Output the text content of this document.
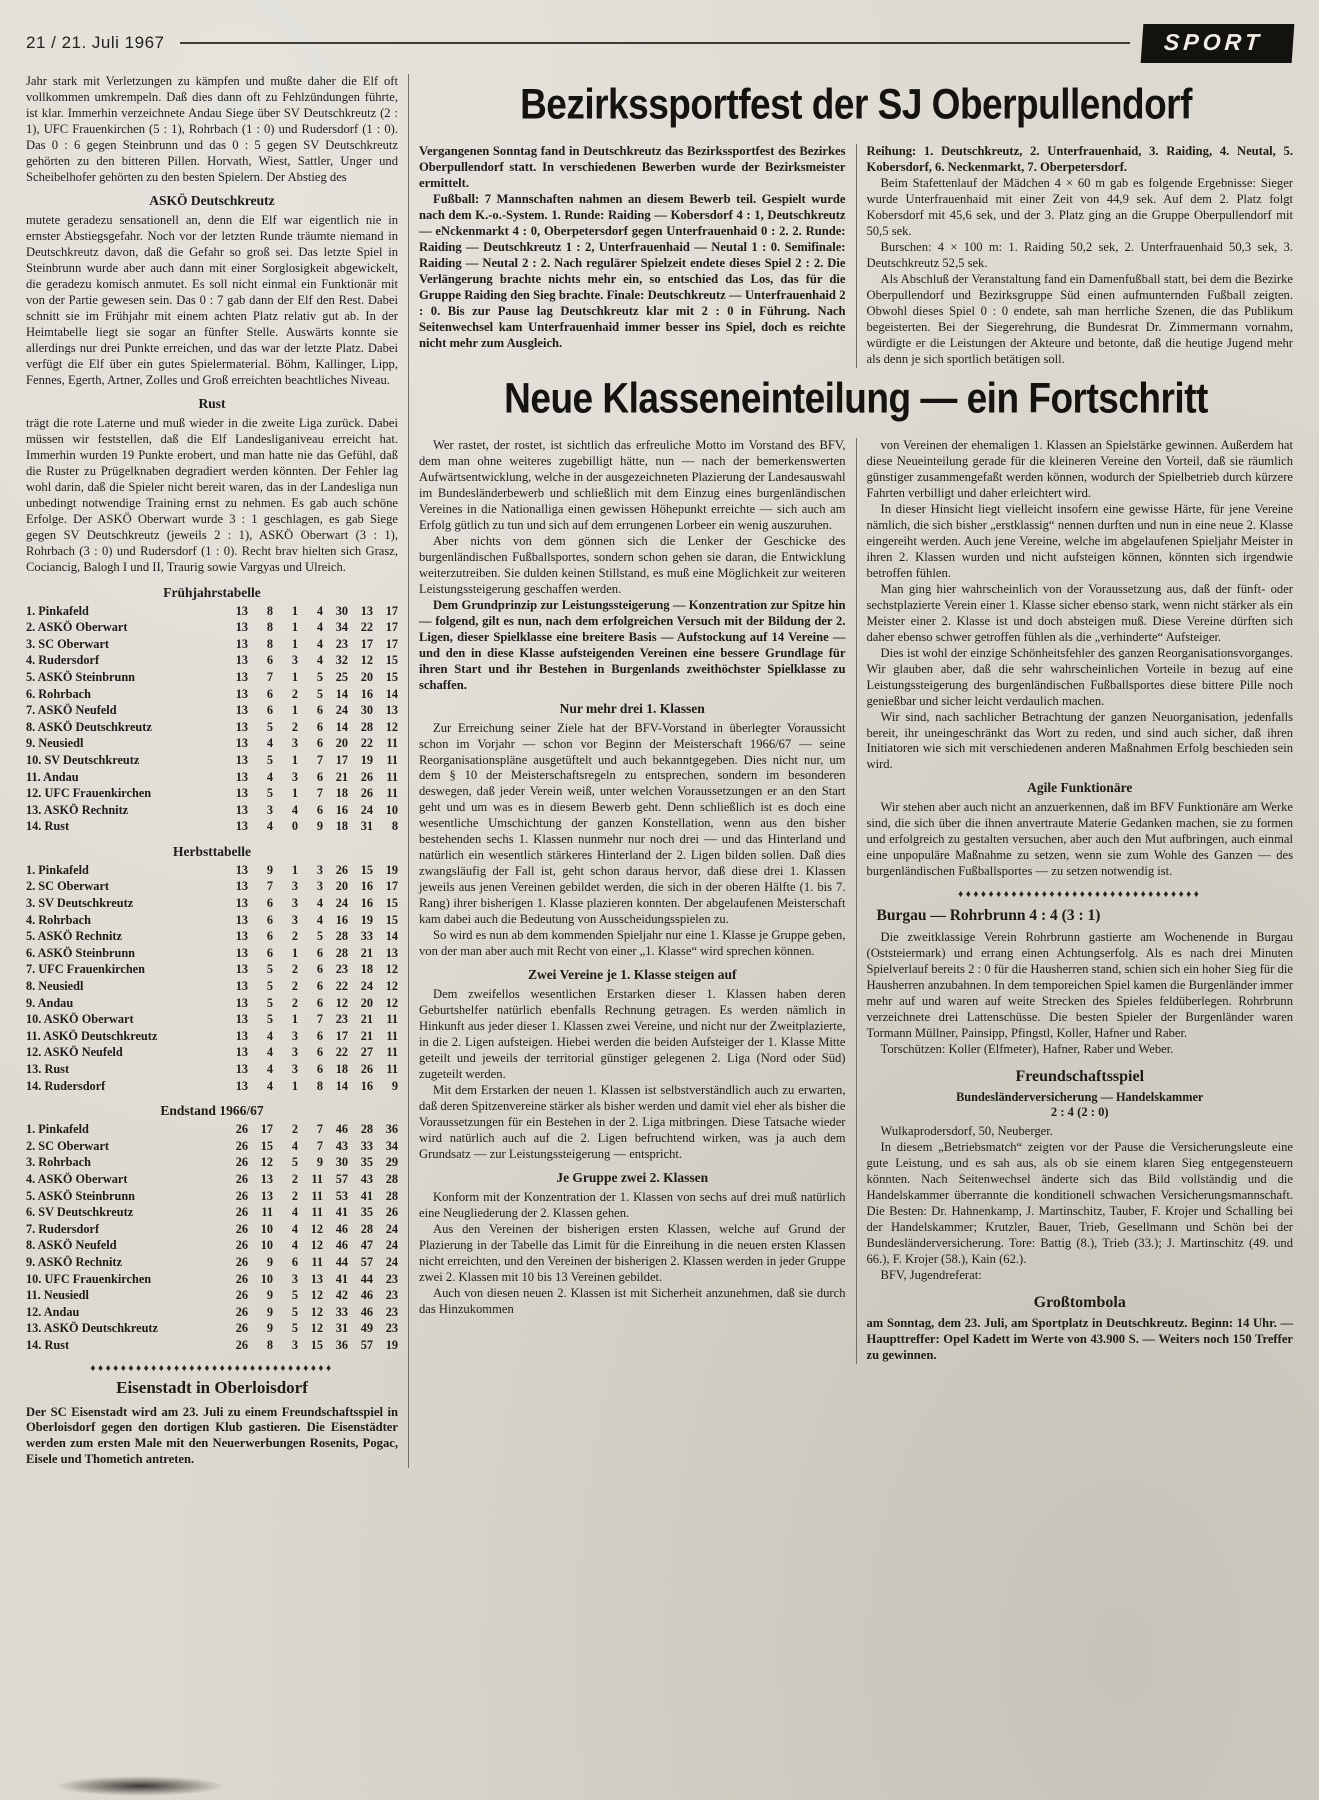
21 / 21. Juli 1967	SPORT

Jahr stark mit Verletzungen zu kämpfen und mußte daher die Elf oft vollkommen umkrempeln. Daß dies dann oft zu Fehlzündungen führte, ist klar. Immerhin verzeichnete Andau Siege über SV Deutschkreutz (2 : 1), UFC Frauenkirchen (5 : 1), Rohrbach (1 : 0) und Rudersdorf (1 : 0). Das 0 : 6 gegen Steinbrunn und das 0 : 5 gegen SV Deutschkreutz gehörten zu den bitteren Pillen. Horvath, Wiest, Sattler, Unger und Scheibelhofer gehörten zu den besten Spielern. Der Abstieg des

ASKÖ Deutschkreutz

mutete geradezu sensationell an, denn die Elf war eigentlich nie in ernster Abstiegsgefahr. Noch vor der letzten Runde träumte niemand in Deutschkreutz davon, daß die Gefahr so groß sei. Das letzte Spiel in Steinbrunn wurde aber auch dann mit einer Sorglosigkeit abgewickelt, die geradezu komisch anmutet. Es soll nicht einmal ein Funktionär mit von der Partie gewesen sein. Das 0 : 7 gab dann der Elf den Rest. Dabei schnitt sie im Frühjahr mit einem achten Platz relativ gut ab. In der Heimtabelle liegt sie sogar an fünfter Stelle. Auswärts konnte sie allerdings nur drei Punkte erreichen, und das war der letzte Platz. Dabei verfügt die Elf über ein gutes Spielermaterial. Böhm, Kallinger, Lipp, Fennes, Egerth, Artner, Zolles und Groß erreichten beachtliches Niveau.

Rust

trägt die rote Laterne und muß wieder in die zweite Liga zurück. Dabei müssen wir feststellen, daß die Elf Landesliganiveau erreicht hat. Immerhin wurden 19 Punkte erobert, und man hatte nie das Gefühl, daß die Ruster zu Prügelknaben degradiert werden könnten. Der Fehler lag wohl darin, daß die Spieler nicht bereit waren, das in der Landesliga nun unbedingt notwendige Training ernst zu nehmen. Es gab auch schöne Erfolge. Der ASKÖ Oberwart wurde 3 : 1 geschlagen, es gab Siege gegen SV Deutschkreutz (jeweils 2 : 1), ASKÖ Oberwart (3 : 1), Rohrbach (3 : 0) und Rudersdorf (1 : 0). Recht brav hielten sich Grasz, Cociancig, Balogh I und II, Traurig sowie Vargyas und Ulreich.

Frühjahrstabelle
1. Pinkafeld	13	8	1	4	30	13	17
2. ASKÖ Oberwart	13	8	1	4	34	22	17
3. SC Oberwart	13	8	1	4	23	17	17
4. Rudersdorf	13	6	3	4	32	12	15
5. ASKÖ Steinbrunn	13	7	1	5	25	20	15
6. Rohrbach	13	6	2	5	14	16	14
7. ASKÖ Neufeld	13	6	1	6	24	30	13
8. ASKÖ Deutschkreutz	13	5	2	6	14	28	12
9. Neusiedl	13	4	3	6	20	22	11
10. SV Deutschkreutz	13	5	1	7	17	19	11
11. Andau	13	4	3	6	21	26	11
12. UFC Frauenkirchen	13	5	1	7	18	26	11
13. ASKÖ Rechnitz	13	3	4	6	16	24	10
14. Rust	13	4	0	9	18	31	8
Herbsttabelle
1. Pinkafeld	13	9	1	3	26	15	19
2. SC Oberwart	13	7	3	3	20	16	17
3. SV Deutschkreutz	13	6	3	4	24	16	15
4. Rohrbach	13	6	3	4	16	19	15
5. ASKÖ Rechnitz	13	6	2	5	28	33	14
6. ASKÖ Steinbrunn	13	6	1	6	28	21	13
7. UFC Frauenkirchen	13	5	2	6	23	18	12
8. Neusiedl	13	5	2	6	22	24	12
9. Andau	13	5	2	6	12	20	12
10. ASKÖ Oberwart	13	5	1	7	23	21	11
11. ASKÖ Deutschkreutz	13	4	3	6	17	21	11
12. ASKÖ Neufeld	13	4	3	6	22	27	11
13. Rust	13	4	3	6	18	26	11
14. Rudersdorf	13	4	1	8	14	16	9
Endstand 1966/67
1. Pinkafeld	26	17	2	7	46	28	36
2. SC Oberwart	26	15	4	7	43	33	34
3. Rohrbach	26	12	5	9	30	35	29
4. ASKÖ Oberwart	26	13	2	11	57	43	28
5. ASKÖ Steinbrunn	26	13	2	11	53	41	28
6. SV Deutschkreutz	26	11	4	11	41	35	26
7. Rudersdorf	26	10	4	12	46	28	24
8. ASKÖ Neufeld	26	10	4	12	46	47	24
9. ASKÖ Rechnitz	26	9	6	11	44	57	24
10. UFC Frauenkirchen	26	10	3	13	41	44	23
11. Neusiedl	26	9	5	12	42	46	23
12. Andau	26	9	5	12	33	46	23
13. ASKÖ Deutschkreutz	26	9	5	12	31	49	23
14. Rust	26	8	3	15	36	57	19
♦♦♦♦♦♦♦♦♦♦♦♦♦♦♦♦♦♦♦♦♦♦♦♦♦♦♦♦♦♦♦♦
Eisenstadt in Oberloisdorf

Der SC Eisenstadt wird am 23. Juli zu einem Freundschaftsspiel in Oberloisdorf gegen den dortigen Klub gastieren. Die Eisenstädter werden zum ersten Male mit den Neuerwerbungen Rosenits, Pogac, Eisele und Thometich antreten.

Bezirkssportfest der SJ Oberpullendorf

Vergangenen Sonntag fand in Deutschkreutz das Bezirkssportfest des Bezirkes Oberpullendorf statt. In verschiedenen Bewerben wurde der Bezirksmeister ermittelt.

Fußball: 7 Mannschaften nahmen an diesem Bewerb teil. Gespielt wurde nach dem K.-o.-System. 1. Runde: Raiding — Kobersdorf 4 : 1, Deutschkreutz — eNckenmarkt 4 : 0, Oberpetersdorf gegen Unterfrauenhaid 0 : 2. 2. Runde: Raiding — Deutschkreutz 1 : 2, Unterfrauenhaid — Neutal 1 : 0. Semifinale: Raiding — Neutal 2 : 2. Nach regulärer Spielzeit endete dieses Spiel 2 : 2. Die Verlängerung brachte nichts mehr ein, so entschied das Los, das für die Gruppe Raiding den Sieg brachte. Finale: Deutschkreutz — Unterfrauenhaid 2 : 0. Bis zur Pause lag Deutschkreutz klar mit 2 : 0 in Führung. Nach Seitenwechsel kam Unterfrauenhaid immer besser ins Spiel, doch es reichte nicht mehr zum Ausgleich.

Reihung: 1. Deutschkreutz, 2. Unterfrauenhaid, 3. Raiding, 4. Neutal, 5. Kobersdorf, 6. Neckenmarkt, 7. Oberpetersdorf.

Beim Stafettenlauf der Mädchen 4 × 60 m gab es folgende Ergebnisse: Sieger wurde Unterfrauenhaid mit einer Zeit von 44,9 sek. Auf dem 2. Platz folgt Kobersdorf mit 45,6 sek, und der 3. Platz ging an die Gruppe Oberpullendorf mit 50,5 sek.

Burschen: 4 × 100 m: 1. Raiding 50,2 sek, 2. Unterfrauenhaid 50,3 sek, 3. Deutschkreutz 52,5 sek.

Als Abschluß der Veranstaltung fand ein Damenfußball statt, bei dem die Bezirke Oberpullendorf und Bezirksgruppe Süd einen aufmunternden Fußball zeigten. Obwohl dieses Spiel 0 : 0 endete, sah man herrliche Szenen, die das Publikum begeisterten. Bei der Siegerehrung, die Bundesrat Dr. Zimmermann vornahm, würdigte er die Leistungen der Akteure und betonte, daß die heutige Jugend mehr als denn je sich sportlich betätigen soll.

Neue Klasseneinteilung — ein Fortschritt

Wer rastet, der rostet, ist sichtlich das erfreuliche Motto im Vorstand des BFV, dem man ohne weiteres zugebilligt hätte, nun — nach der bemerkenswerten Aufwärtsentwicklung, welche in der ausgezeichneten Plazierung der Landesauswahl im Bundesländerbewerb und schließlich mit dem Einzug eines burgenländischen Vereines in die Nationalliga einen gewissen Höhepunkt erreichte — sich auch am Erfolg gütlich zu tun und sich auf dem errungenen Lorbeer ein wenig auszuruhen.

Aber nichts von dem gönnen sich die Lenker der Geschicke des burgenländischen Fußballsportes, sondern schon gehen sie daran, die Entwicklung weiterzutreiben. Sie dulden keinen Stillstand, es muß eine Möglichkeit zur weiteren Leistungssteigerung geschaffen werden.

Dem Grundprinzip zur Leistungssteigerung — Konzentration zur Spitze hin — folgend, gilt es nun, nach dem erfolgreichen Versuch mit der Bildung der 2. Ligen, dieser Spielklasse eine breitere Basis — Aufstockung auf 14 Vereine — und den in diese Klasse aufsteigenden Vereinen eine bessere Grundlage für ihren Start und ihr Bestehen in Burgenlands zweithöchster Spielklasse zu schaffen.

Nur mehr drei 1. Klassen

Zur Erreichung seiner Ziele hat der BFV-Vorstand in überlegter Voraussicht schon im Vorjahr — schon vor Beginn der Meisterschaft 1966/67 — seine Reorganisationspläne ausgetüftelt und auch bekanntgegeben. Dies nicht nur, um dem § 10 der Meisterschaftsregeln zu entsprechen, sondern im besonderen deswegen, daß jeder Verein weiß, unter welchen Voraussetzungen er an den Start geht und um was es in diesem Bewerb geht. Denn schließlich ist es doch eine wesentliche Umschichtung der ganzen Konstellation, wenn aus den bisher bestehenden sechs 1. Klassen nunmehr nur noch drei — und das Hinterland und natürlich ein wesentlich stärkeres Hinterland der 2. Ligen bilden sollen. Daß dies zwangsläufig der Fall ist, geht schon daraus hervor, daß diese drei 1. Klassen jeweils aus jenen Vereinen gebildet werden, die sich in der oberen Hälfte (1. bis 7. Rang) ihrer bisherigen 1. Klasse plazieren konnten. Der abgelaufenen Meisterschaft kam dabei auch die Bedeutung von Ausscheidungsspielen zu.

So wird es nun ab dem kommenden Spieljahr nur eine 1. Klasse je Gruppe geben, von der man aber auch mit Recht von einer „1. Klasse“ wird sprechen können.

Zwei Vereine je 1. Klasse steigen auf

Dem zweifellos wesentlichen Erstarken dieser 1. Klassen haben deren Geburtshelfer natürlich ebenfalls Rechnung getragen. Es werden nämlich in Hinkunft aus jeder dieser 1. Klassen zwei Vereine, und nicht nur der Zweitplazierte, in die 2. Ligen aufsteigen. Hiebei werden die beiden Aufsteiger der 1. Klasse Mitte geteilt und jeweils der territorial günstiger gelegenen 2. Liga (Nord oder Süd) zugeteilt werden.

Mit dem Erstarken der neuen 1. Klassen ist selbstverständlich auch zu erwarten, daß deren Spitzenvereine stärker als bisher werden und damit viel eher als bisher die Voraussetzungen für ein Bestehen in der 2. Liga mitbringen. Diese Tatsache wieder wird natürlich auch auf die 2. Ligen befruchtend wirken, was ja auch dem Grundsatz — zur Leistungssteigerung — entspricht.

Je Gruppe zwei 2. Klassen

Konform mit der Konzentration der 1. Klassen von sechs auf drei muß natürlich eine Neugliederung der 2. Klassen gehen.

Aus den Vereinen der bisherigen ersten Klassen, welche auf Grund der Plazierung in der Tabelle das Limit für die Einreihung in die neuen ersten Klassen nicht erreichten, und den Vereinen der bisherigen 2. Klassen werden in jeder Gruppe zwei 2. Klassen mit 10 bis 13 Vereinen gebildet.

Auch von diesen neuen 2. Klassen ist mit Sicherheit anzunehmen, daß sie durch das Hinzukommen

von Vereinen der ehemaligen 1. Klassen an Spielstärke gewinnen. Außerdem hat diese Neueinteilung gerade für die kleineren Vereine den Vorteil, daß sie räumlich günstiger zusammengefaßt werden können, wodurch der Spielbetrieb durch kürzere Fahrten verbilligt und daher erleichtert wird.

In dieser Hinsicht liegt vielleicht insofern eine gewisse Härte, für jene Vereine nämlich, die sich bisher „erstklassig“ nennen durften und nun in eine neue 2. Klasse eingereiht werden. Auch jene Vereine, welche im abgelaufenen Spieljahr Meister in ihren 2. Klassen wurden und nicht aufsteigen können, könnten sich irgendwie betroffen fühlen.

Man ging hier wahrscheinlich von der Voraussetzung aus, daß der fünft- oder sechstplazierte Verein einer 1. Klasse sicher ebenso stark, wenn nicht stärker als ein Meister einer 2. Klasse ist und doch absteigen muß. Diese Vereine dürften sich daher ebenso schwer getroffen fühlen als die „verhinderte“ Aufsteiger.

Dies ist wohl der einzige Schönheitsfehler des ganzen Reorganisationsvorganges. Wir glauben aber, daß die sehr wahrscheinlichen Vorteile in bezug auf eine Leistungssteigerung des burgenländischen Fußballsportes diese bittere Pille noch genießbar und sicher leicht verdaulich machen.

Wir sind, nach sachlicher Betrachtung der ganzen Neuorganisation, jedenfalls bereit, ihr uneingeschränkt das Wort zu reden, und sind auch sicher, daß ihren Initiatoren wie sich mit verschiedenen anderen Maßnahmen Erfolg beschieden sein wird.

Agile Funktionäre

Wir stehen aber auch nicht an anzuerkennen, daß im BFV Funktionäre am Werke sind, die sich über die ihnen anvertraute Materie Gedanken machen, sie zu formen und erfolgreich zu gestalten versuchen, aber auch den Mut aufbringen, auch einmal eine unpopuläre Maßnahme zu setzen, wenn sie zum Wohle des Ganzen — des burgenländischen Fußballsportes — zu setzen notwendig ist.

♦♦♦♦♦♦♦♦♦♦♦♦♦♦♦♦♦♦♦♦♦♦♦♦♦♦♦♦♦♦♦♦
Burgau — Rohrbrunn 4 : 4 (3 : 1)

Die zweitklassige Verein Rohrbrunn gastierte am Wochenende in Burgau (Oststeiermark) und errang einen Achtungserfolg. Als es nach drei Minuten Spielverlauf bereits 2 : 0 für die Hausherren stand, schien sich ein hoher Sieg für die Hausherren anzubahnen. In dem temporeichen Spiel kamen die Burgenländer immer mehr auf und waren auf weite Strecken des Spieles feldüberlegen. Rohrbrunn verzeichnete drei Lattenschüsse. Die besten Spieler der Burgenländer waren Tormann Müllner, Painsipp, Pfingstl, Koller, Hafner und Raber.

Torschützen: Koller (Elfmeter), Hafner, Raber und Weber.

Freundschaftsspiel
Bundesländerversicherung — Handelskammer
2 : 4 (2 : 0)

Wulkaprodersdorf, 50, Neuberger.

In diesem „Betriebsmatch“ zeigten vor der Pause die Versicherungsleute eine gute Leistung, und es sah aus, als ob sie einem klaren Sieg entgegensteuern könnten. Nach Seitenwechsel änderte sich das Bild vollständig und die Handelskammer überrannte die konditionell schwachen Versicherungsmannschaft. Die Besten: Dr. Hahnenkamp, J. Martinschitz, Tauber, F. Krojer und Schalling bei der Handelskammer; Krutzler, Bauer, Trieb, Gesellmann und Schön bei der Bundesländerversicherung. Tore: Battig (8.), Trieb (33.); J. Martinschitz (49. und 66.), F. Krojer (58.), Kain (62.).

BFV, Jugendreferat:

Großtombola

am Sonntag, dem 23. Juli, am Sportplatz in Deutschkreutz. Beginn: 14 Uhr. — Haupttreffer: Opel Kadett im Werte von 43.900 S. — Weiters noch 150 Treffer zu gewinnen.
